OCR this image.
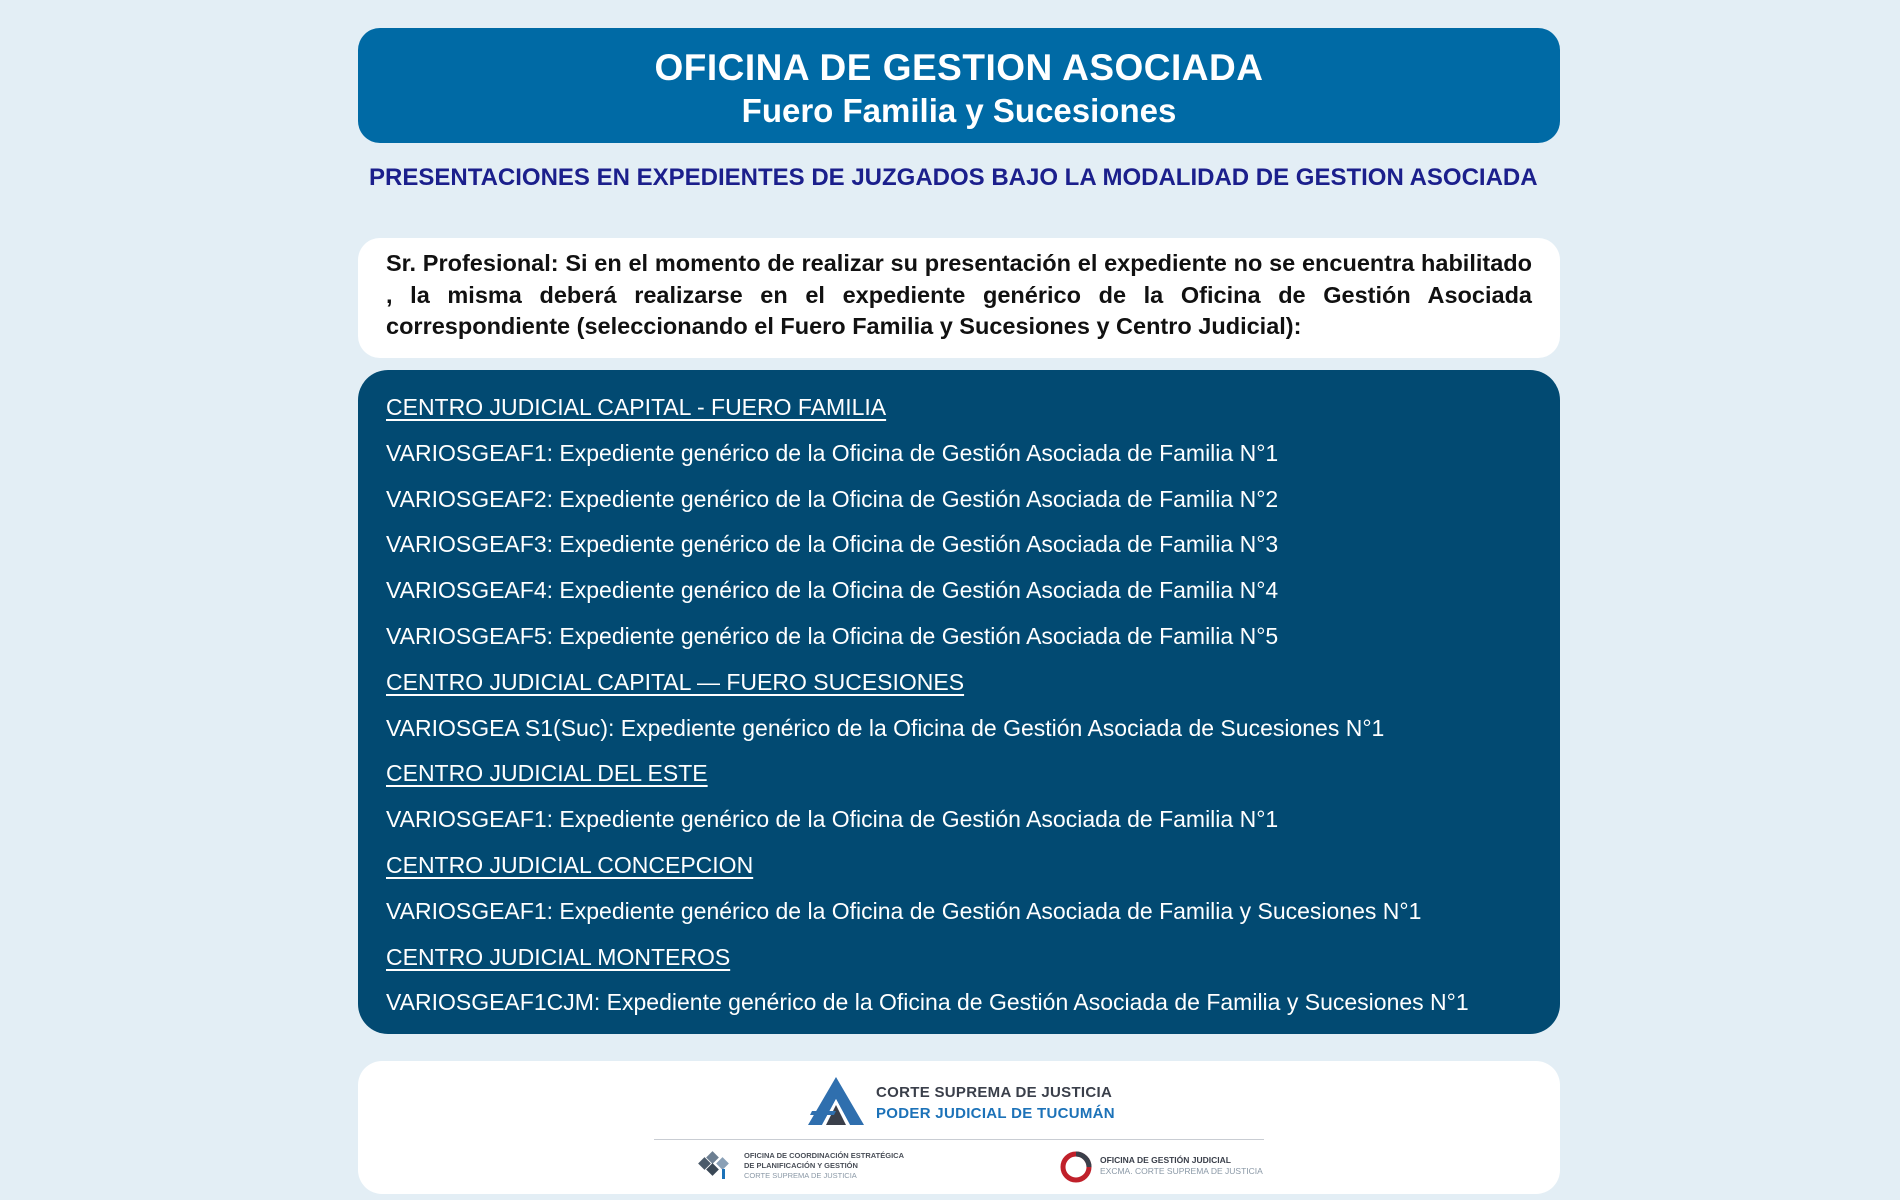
OFICINA DE GESTION ASOCIADA
Fuero Familia y Sucesiones
PRESENTACIONES EN EXPEDIENTES DE JUZGADOS BAJO LA MODALIDAD DE GESTION ASOCIADA

Sr. Profesional: Si en el momento de realizar su presentación el expediente no se encuentra habilitado , la misma deberá realizarse en el expediente genérico de la Oficina de Gestión Asociada correspondiente (seleccionando el Fuero Familia y Sucesiones y Centro Judicial):

CENTRO JUDICIAL CAPITAL - FUERO FAMILIA
VARIOSGEAF1: Expediente genérico de la Oficina de Gestión Asociada de Familia N°1
VARIOSGEAF2: Expediente genérico de la Oficina de Gestión Asociada de Familia N°2
VARIOSGEAF3: Expediente genérico de la Oficina de Gestión Asociada de Familia N°3
VARIOSGEAF4: Expediente genérico de la Oficina de Gestión Asociada de Familia N°4
VARIOSGEAF5: Expediente genérico de la Oficina de Gestión Asociada de Familia N°5
CENTRO JUDICIAL CAPITAL — FUERO SUCESIONES
VARIOSGEA S1(Suc): Expediente genérico de la Oficina de Gestión Asociada de Sucesiones N°1
CENTRO JUDICIAL DEL ESTE
VARIOSGEAF1: Expediente genérico de la Oficina de Gestión Asociada de Familia N°1
CENTRO JUDICIAL CONCEPCION
VARIOSGEAF1: Expediente genérico de la Oficina de Gestión Asociada de Familia y Sucesiones N°1
CENTRO JUDICIAL MONTEROS
VARIOSGEAF1CJM: Expediente genérico de la Oficina de Gestión Asociada de Familia y Sucesiones N°1
CORTE SUPREMA DE JUSTICIA
PODER JUDICIAL DE TUCUMÁN
OFICINA DE COORDINACIÓN ESTRATÉGICA
DE PLANIFICACIÓN Y GESTIÓN
CORTE SUPREMA DE JUSTICIA
OFICINA DE GESTIÓN JUDICIAL
EXCMA. CORTE SUPREMA DE JUSTICIA
